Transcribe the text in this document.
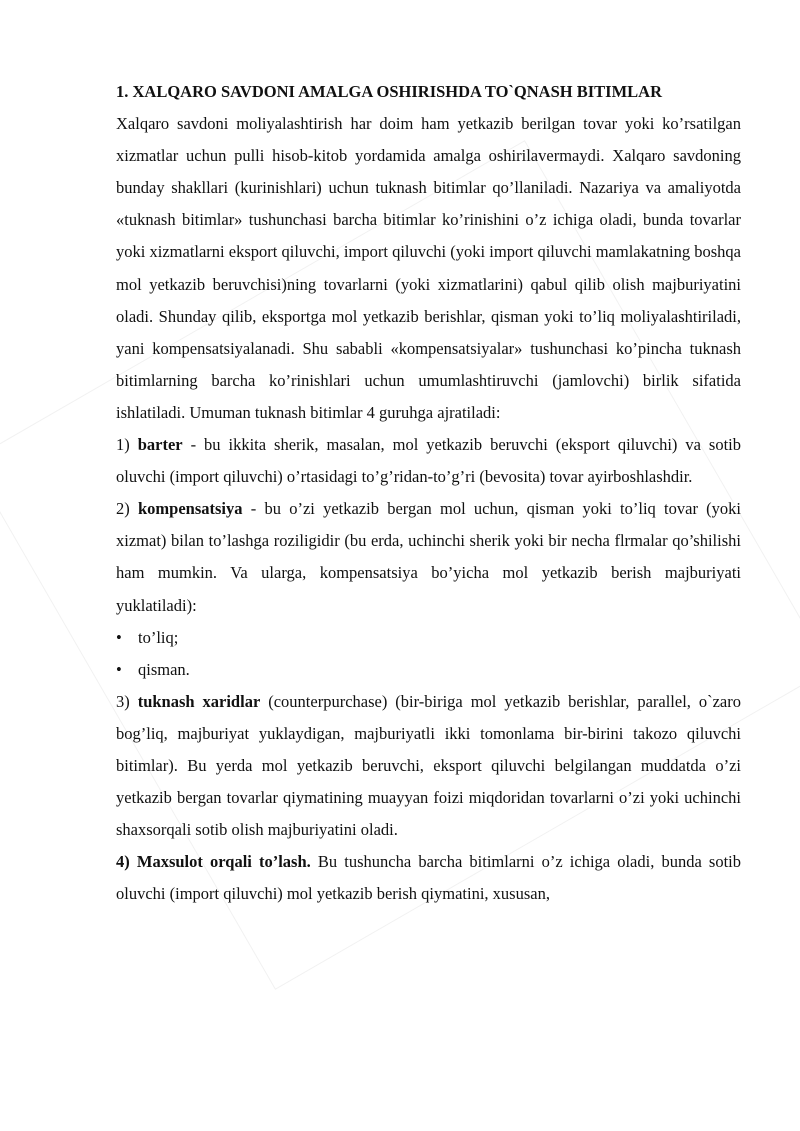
1. XALQARO SAVDONI AMALGA OSHIRISHDA TO`QNASH BITIMLAR

Xalqaro savdoni moliyalashtirish har doim ham yetkazib berilgan tovar yoki ko’rsatilgan xizmatlar uchun pulli hisob-kitob yordamida amalga oshirilavermaydi. Xalqaro savdoning bunday shakllari (kurinishlari) uchun tuknash bitimlar qo’llaniladi. Nazariya va amaliyotda «tuknash bitimlar» tushunchasi barcha bitimlar ko’rinishini o’z ichiga oladi, bunda tovarlar yoki xizmatlarni eksport qiluvchi, import qiluvchi (yoki import qiluvchi mamlakatning boshqa mol yetkazib beruvchisi)ning tovarlarni (yoki xizmatlarini) qabul qilib olish majburiyatini oladi. Shunday qilib, eksportga mol yetkazib berishlar, qisman yoki to’liq moliyalashtiriladi, yani kompensatsiyalanadi. Shu sababli «kompensatsiyalar» tushunchasi ko’pincha tuknash bitimlarning barcha ko’rinishlari uchun umumlashtiruvchi (jamlovchi) birlik sifatida ishlatiladi. Umuman tuknash bitimlar 4 guruhga ajratiladi:

1) barter - bu ikkita sherik, masalan, mol yetkazib beruvchi (eksport qiluvchi) va sotib oluvchi (import qiluvchi) o’rtasidagi to’g’ridan-to’g’ri (bevosita) tovar ayirboshlashdir.

2) kompensatsiya - bu o’zi yetkazib bergan mol uchun, qisman yoki to’liq tovar (yoki xizmat) bilan to’lashga roziligidir (bu erda, uchinchi sherik yoki bir necha flrmalar qo’shilishi ham mumkin. Va ularga, kompensatsiya bo’yicha mol yetkazib berish majburiyati yuklatiladi):

• to’liq;
• qisman.

3) tuknash xaridlar (counterpurchase) (bir-biriga mol yetkazib berishlar, parallel, o`zaro bog’liq, majburiyat yuklaydigan, majburiyatli ikki tomonlama bir-birini takozo qiluvchi bitimlar). Bu yerda mol yetkazib beruvchi, eksport qiluvchi belgilangan muddatda o’zi yetkazib bergan tovarlar qiymatining muayyan foizi miqdoridan tovarlarni o’zi yoki uchinchi shaxsorqali sotib olish majburiyatini oladi.

4) Maxsulot orqali to’lash. Bu tushuncha barcha bitimlarni o’z ichiga oladi, bunda sotib oluvchi (import qiluvchi) mol yetkazib berish qiymatini, xususan,
